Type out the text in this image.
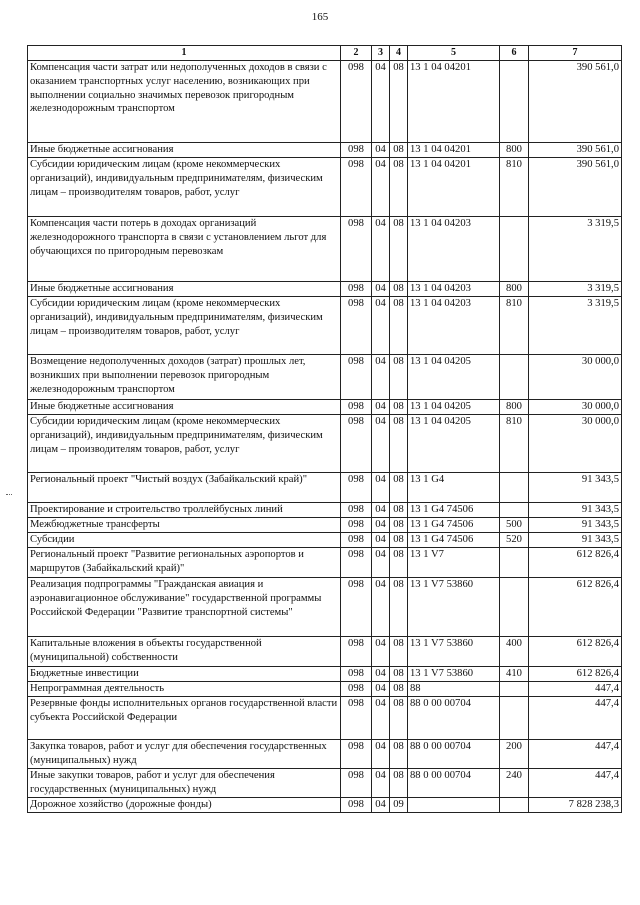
165
1	2	3	4	5	6	7
Компенсация части затрат или недополученных доходов в связи с оказанием транспортных услуг населению, возникающих при выполнении социально значимых перевозок пригородным железнодорожным транспортом	098	04	08	13 1 04 04201		390 561,0
Иные бюджетные ассигнования	098	04	08	13 1 04 04201	800	390 561,0
Субсидии юридическим лицам (кроме некоммерческих организаций), индивидуальным предпринимателям, физическим лицам – производителям товаров, работ, услуг	098	04	08	13 1 04 04201	810	390 561,0
Компенсация части потерь в доходах организаций железнодорожного транспорта в связи с установлением льгот для обучающихся по пригородным перевозкам	098	04	08	13 1 04 04203		3 319,5
Иные бюджетные ассигнования	098	04	08	13 1 04 04203	800	3 319,5
Субсидии юридическим лицам (кроме некоммерческих организаций), индивидуальным предпринимателям, физическим лицам – производителям товаров, работ, услуг	098	04	08	13 1 04 04203	810	3 319,5
Возмещение недополученных доходов (затрат) прошлых лет, возникших при выполнении перевозок пригородным железнодорожным транспортом	098	04	08	13 1 04 04205		30 000,0
Иные бюджетные ассигнования	098	04	08	13 1 04 04205	800	30 000,0
Субсидии юридическим лицам (кроме некоммерческих организаций), индивидуальным предпринимателям, физическим лицам – производителям товаров, работ, услуг	098	04	08	13 1 04 04205	810	30 000,0
Региональный проект "Чистый воздух (Забайкальский край)"	098	04	08	13 1 G4		91 343,5
Проектирование и строительство троллейбусных линий	098	04	08	13 1 G4 74506		91 343,5
Межбюджетные трансферты	098	04	08	13 1 G4 74506	500	91 343,5
Субсидии	098	04	08	13 1 G4 74506	520	91 343,5
Региональный проект "Развитие региональных аэропортов и маршрутов (Забайкальский край)"	098	04	08	13 1 V7		612 826,4
Реализация подпрограммы "Гражданская авиация и аэронавигационное обслуживание" государственной программы Российской Федерации "Развитие транспортной системы"	098	04	08	13 1 V7 53860		612 826,4
Капитальные вложения в объекты государственной (муниципальной) собственности	098	04	08	13 1 V7 53860	400	612 826,4
Бюджетные инвестиции	098	04	08	13 1 V7 53860	410	612 826,4
Непрограммная деятельность	098	04	08	88		447,4
Резервные фонды исполнительных органов государственной власти субъекта Российской Федерации	098	04	08	88 0 00 00704		447,4
Закупка товаров, работ и услуг для обеспечения государственных (муниципальных) нужд	098	04	08	88 0 00 00704	200	447,4
Иные закупки товаров, работ и услуг для обеспечения государственных (муниципальных) нужд	098	04	08	88 0 00 00704	240	447,4
Дорожное хозяйство (дорожные фонды)	098	04	09			7 828 238,3
